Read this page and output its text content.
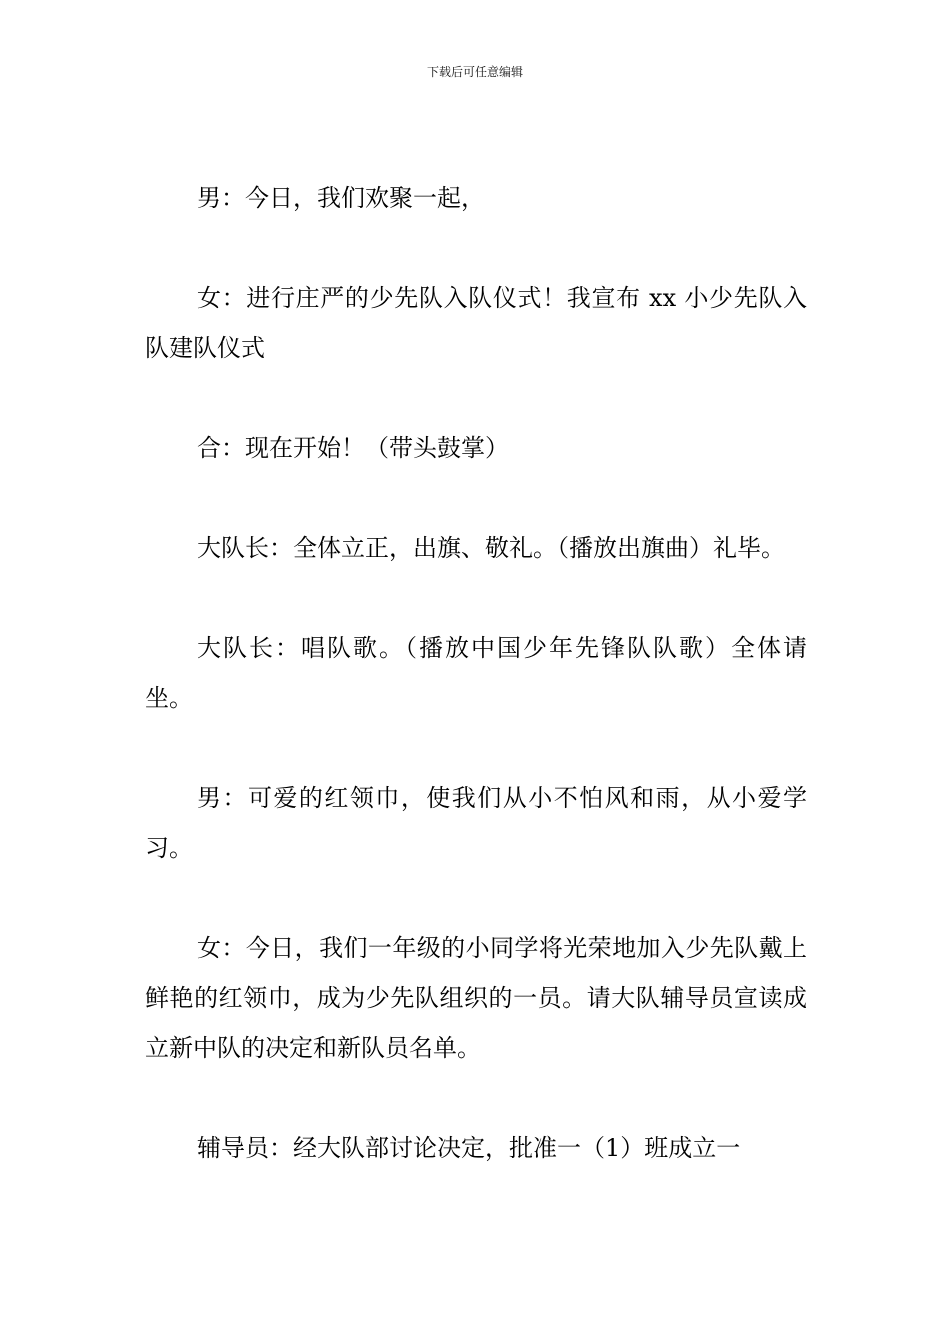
下载后可任意编辑

男：今日，我们欢聚一起，

女：进行庄严的少先队入队仪式！我宣布 xx 小少先队入队建队仪式

合：现在开始！（带头鼓掌）

大队长：全体立正，出旗、敬礼。（播放出旗曲）礼毕。

大队长：唱队歌。（播放中国少年先锋队队歌）全体请坐。

男：可爱的红领巾，使我们从小不怕风和雨，从小爱学习。

女：今日，我们一年级的小同学将光荣地加入少先队戴上鲜艳的红领巾，成为少先队组织的一员。请大队辅导员宣读成立新中队的决定和新队员名单。

辅导员：经大队部讨论决定，批准一（1）班成立一
